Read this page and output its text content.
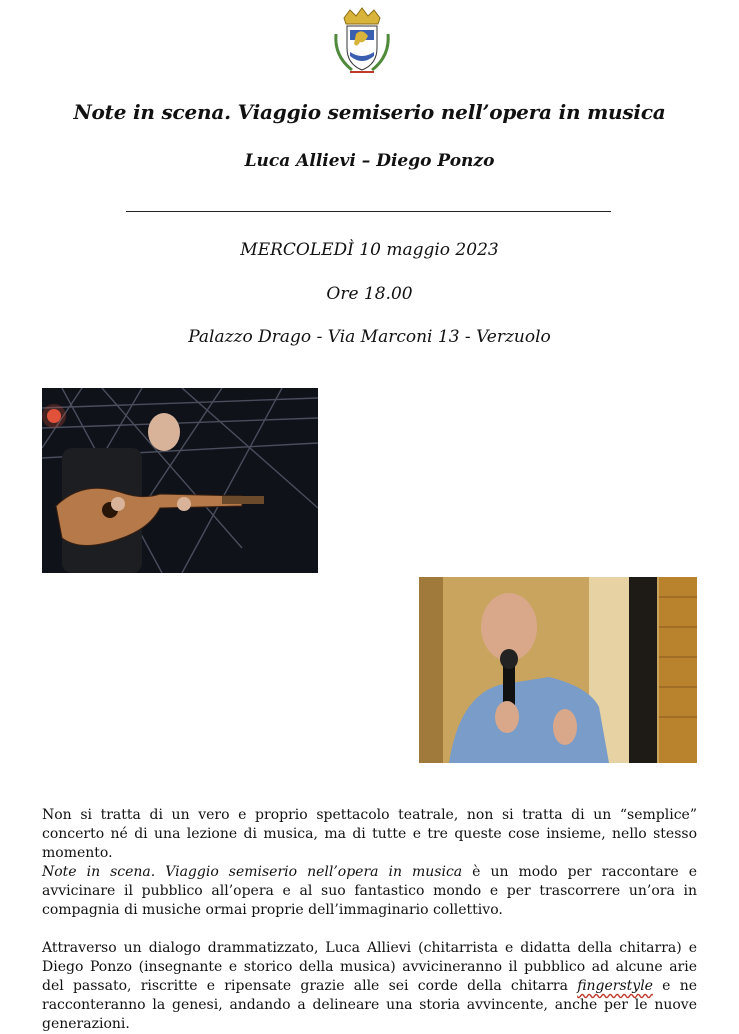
Note in scena. Viaggio semiserio nell’opera in musica
Luca Allievi – Diego Ponzo
MERCOLEDÌ 10 maggio 2023
Ore 18.00
Palazzo Drago - Via Marconi 13 - Verzuolo
Non si tratta di un vero e proprio spettacolo teatrale, non si tratta di un “semplice” concerto né di una lezione di musica, ma di tutte e tre queste cose insieme, nello stesso momento.
Note in scena. Viaggio semiserio nell’opera in musica è un modo per raccontare e avvicinare il pubblico all’opera e al suo fantastico mondo e per trascorrere un’ora in compagnia di musiche ormai proprie dell’immaginario collettivo.
Attraverso un dialogo drammatizzato, Luca Allievi (chitarrista e didatta della chitarra) e Diego Ponzo (insegnante e storico della musica) avvicineranno il pubblico ad alcune arie del passato, riscritte e ripensate grazie alle sei corde della chitarra fingerstyle e ne racconteranno la genesi, andando a delineare una storia avvincente, anche per le nuove generazioni.
